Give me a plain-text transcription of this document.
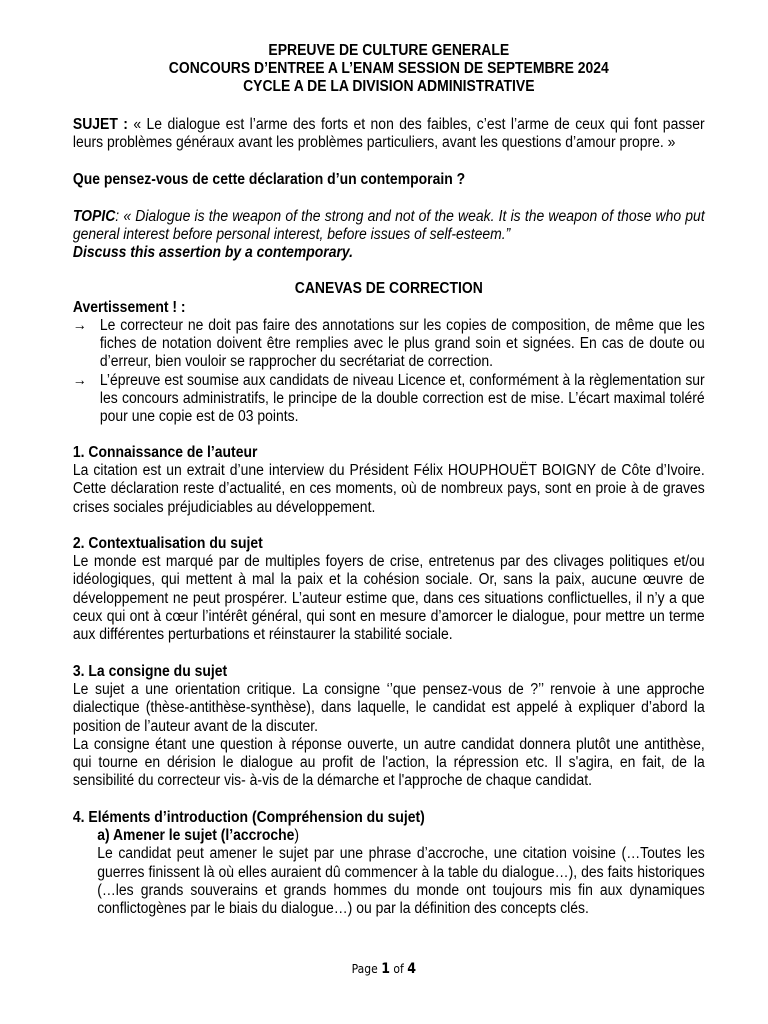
EPREUVE DE CULTURE GENERALE
CONCOURS D’ENTREE A L’ENAM SESSION DE SEPTEMBRE 2024
CYCLE A DE LA DIVISION ADMINISTRATIVE
SUJET : « Le dialogue est l’arme des forts et non des faibles, c’est l’arme de ceux qui font passer leurs problèmes généraux avant les problèmes particuliers, avant les questions d’amour propre. »
Que pensez-vous de cette déclaration d’un contemporain ?
TOPIC: « Dialogue is the weapon of the strong and not of the weak. It is the weapon of those who put general interest before personal interest, before issues of self-esteem.”
Discuss this assertion by a contemporary.
CANEVAS DE CORRECTION
Avertissement ! :
→ Le correcteur ne doit pas faire des annotations sur les copies de composition, de même que les fiches de notation doivent être remplies avec le plus grand soin et signées. En cas de doute ou d’erreur, bien vouloir se rapprocher du secrétariat de correction.
→ L’épreuve est soumise aux candidats de niveau Licence et, conformément à la règlementation sur les concours administratifs, le principe de la double correction est de mise. L’écart maximal toléré pour une copie est de 03 points.
1. Connaissance de l’auteur
La citation est un extrait d’une interview du Président Félix HOUPHOUËT BOIGNY de Côte d’Ivoire. Cette déclaration reste d’actualité, en ces moments, où de nombreux pays, sont en proie à de graves crises sociales préjudiciables au développement.
2. Contextualisation du sujet
Le monde est marqué par de multiples foyers de crise, entretenus par des clivages politiques et/ou idéologiques, qui mettent à mal la paix et la cohésion sociale. Or, sans la paix, aucune œuvre de développement ne peut prospérer. L’auteur estime que, dans ces situations conflictuelles, il n’y a que ceux qui ont à cœur l’intérêt général, qui sont en mesure d’amorcer le dialogue, pour mettre un terme aux différentes perturbations et réinstaurer la stabilité sociale.
3. La consigne du sujet
Le sujet a une orientation critique. La consigne ‘’que pensez-vous de ?’’ renvoie à une approche dialectique (thèse-antithèse-synthèse), dans laquelle, le candidat est appelé à expliquer d’abord la position de l’auteur avant de la discuter.
La consigne étant une question à réponse ouverte, un autre candidat donnera plutôt une antithèse, qui tourne en dérision le dialogue au profit de l'action, la répression etc. Il s'agira, en fait, de la sensibilité du correcteur vis- à-vis de la démarche et l'approche de chaque candidat.
4. Eléments d’introduction (Compréhension du sujet)
a) Amener le sujet (l’accroche)
Le candidat peut amener le sujet par une phrase d’accroche, une citation voisine (…Toutes les guerres finissent là où elles auraient dû commencer à la table du dialogue…), des faits historiques (…les grands souverains et grands hommes du monde ont toujours mis fin aux dynamiques conflictogènes par le biais du dialogue…) ou par la définition des concepts clés.
Page 1 of 4
